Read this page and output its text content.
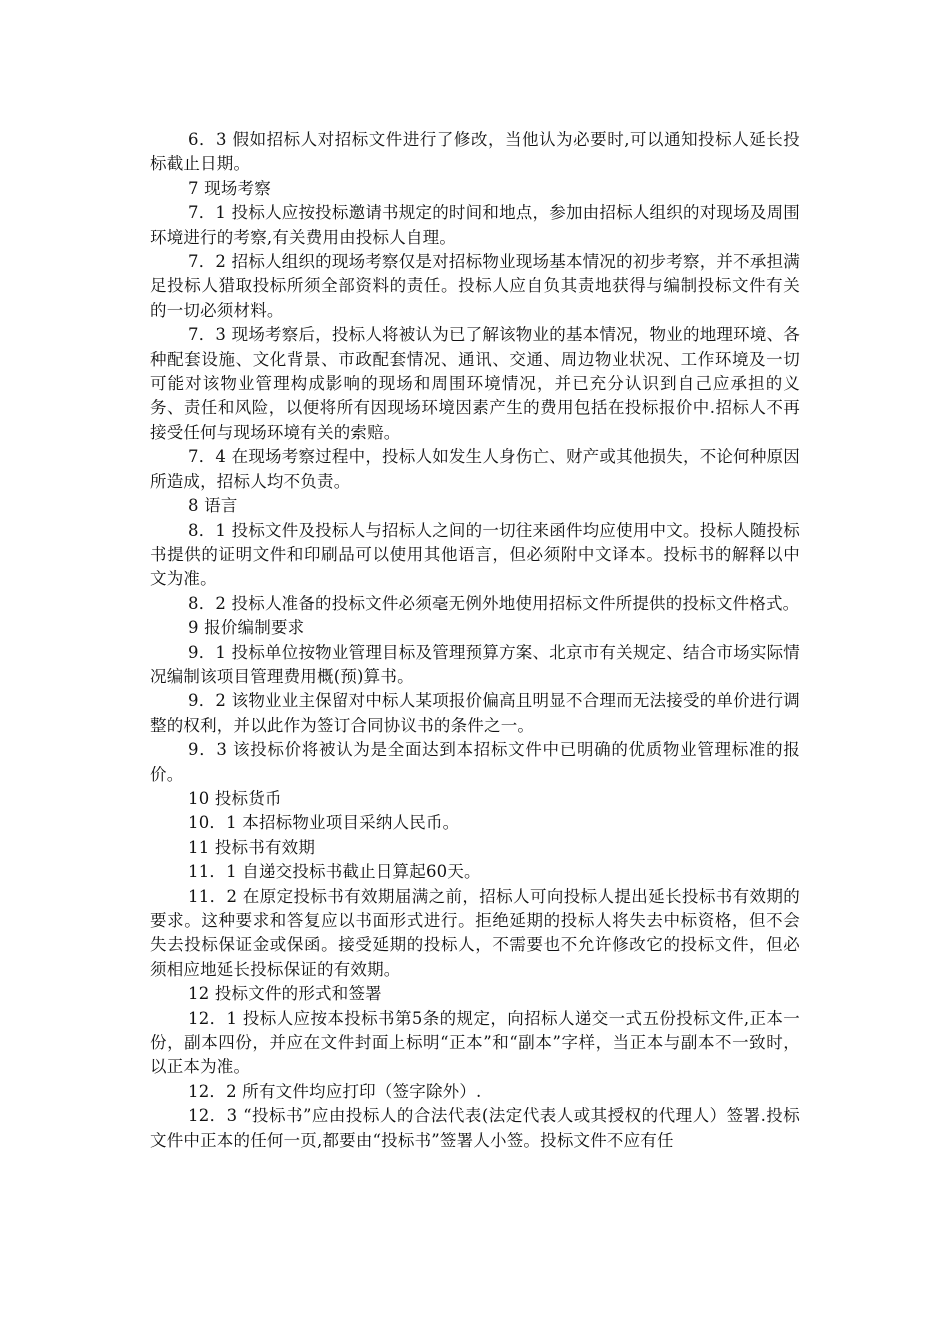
6．3 假如招标人对招标文件进行了修改，当他认为必要时,可以通知投标人延长投标截止日期。

7 现场考察

7．1 投标人应按投标邀请书规定的时间和地点，参加由招标人组织的对现场及周围环境进行的考察,有关费用由投标人自理。

7．2 招标人组织的现场考察仅是对招标物业现场基本情况的初步考察，并不承担满足投标人猎取投标所须全部资料的责任。投标人应自负其责地获得与编制投标文件有关的一切必须材料。

7．3 现场考察后，投标人将被认为已了解该物业的基本情况，物业的地理环境、各种配套设施、文化背景、市政配套情况、通讯、交通、周边物业状况、工作环境及一切可能对该物业管理构成影响的现场和周围环境情况，并已充分认识到自己应承担的义务、责任和风险，以便将所有因现场环境因素产生的费用包括在投标报价中.招标人不再接受任何与现场环境有关的索赔。

7．4 在现场考察过程中，投标人如发生人身伤亡、财产或其他损失，不论何种原因所造成，招标人均不负责。

8 语言

8．1 投标文件及投标人与招标人之间的一切往来函件均应使用中文。投标人随投标书提供的证明文件和印刷品可以使用其他语言，但必须附中文译本。投标书的解释以中文为准。

8．2 投标人准备的投标文件必须毫无例外地使用招标文件所提供的投标文件格式。

9 报价编制要求

9．1 投标单位按物业管理目标及管理预算方案、北京市有关规定、结合市场实际情况编制该项目管理费用概(预)算书。

9．2 该物业业主保留对中标人某项报价偏高且明显不合理而无法接受的单价进行调整的权利，并以此作为签订合同协议书的条件之一。

9．3 该投标价将被认为是全面达到本招标文件中已明确的优质物业管理标准的报价。

10 投标货币

10．1 本招标物业项目采纳人民币。

11 投标书有效期

11．1 自递交投标书截止日算起60天。

11．2 在原定投标书有效期届满之前，招标人可向投标人提出延长投标书有效期的要求。这种要求和答复应以书面形式进行。拒绝延期的投标人将失去中标资格，但不会失去投标保证金或保函。接受延期的投标人，不需要也不允许修改它的投标文件，但必须相应地延长投标保证的有效期。

12 投标文件的形式和签署

12．1 投标人应按本投标书第5条的规定，向招标人递交一式五份投标文件,正本一份，副本四份，并应在文件封面上标明“正本”和“副本”字样，当正本与副本不一致时，以正本为准。

12．2 所有文件均应打印（签字除外）.

12．3 “投标书”应由投标人的合法代表(法定代表人或其授权的代理人）签署.投标文件中正本的任何一页,都要由“投标书”签署人小签。投标文件不应有任
